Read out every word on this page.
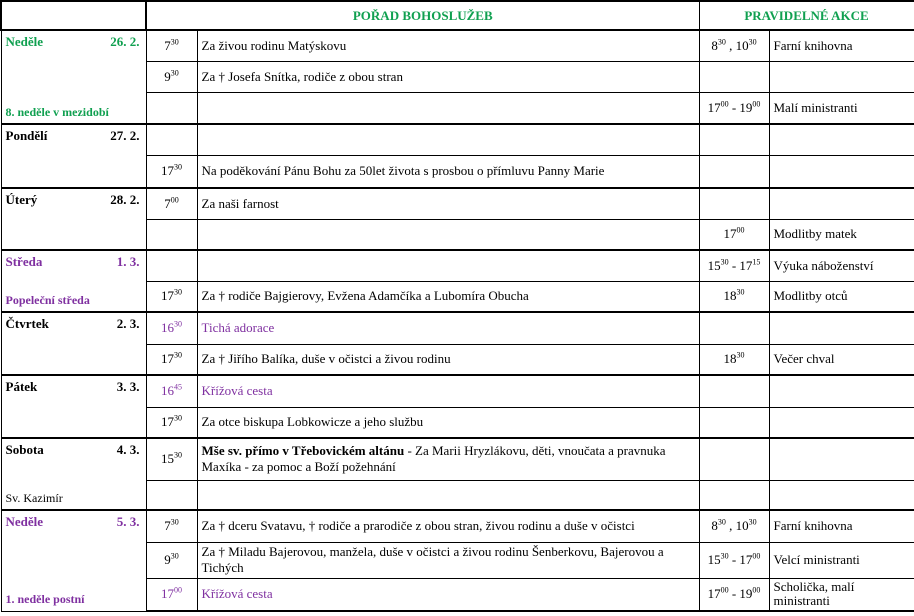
	POŘAD BOHOSLUŽEB		PRAVIDELNÉ AKCE	

Neděle 26. 2.
8. neděle v mezidobí	$7^{30}$	Za živou rodinu Matýskovu	$8^{30}$ , $10^{30}$	Farní knihovna
	$9^{30}$	Za † Josefa Snítka, rodiče z obou stran		
			$17^{00} - 19^{00}$	Malí ministranti

Pondělí 27. 2.				

	$17^{30}$	Na poděkování Pánu Bohu za 50let života s prosbou o přímluvu Panny Marie		

Úterý 28. 2.	$7^{00}$	Za naši farnost		
			$17^{00}$	Modlitby matek

Středa 1. 3.
Popeleční středa			$15^{30} - 17^{15}$	Výuka náboženství
	$17^{30}$	Za † rodiče Bajgierovy, Evžena Adamčíka a Lubomíra Obucha	$18^{30}$	Modlitby otců

Čtvrtek 2. 3.	$16^{30}$	Tichá adorace		
	$17^{30}$	Za † Jiřího Balíka, duše v očistci a živou rodinu	$18^{30}$	Večer chval

Pátek 3. 3.	$16^{45}$	Křížová cesta		
	$17^{30}$	Za otce biskupa Lobkowicze a jeho službu		

Sobota 4. 3.
Sv. Kazimír	$15^{30}$	Mše sv. přímo v Třebovickém altánu - Za Marii Hryzlákovu, děti, vnoučata a pravnuka Maxíka - za pomoc a Boží požehnání		

Neděle 5. 3.
1. neděle postní	$7^{30}$	Za † dceru Svatavu, † rodiče a prarodiče z obou stran, živou rodinu a duše v očistci	$8^{30}$ , $10^{30}$	Farní knihovna
	$9^{30}$	Za † Miladu Bajerovou, manžela, duše v očistci a živou rodinu Šenberkovu, Bajerovou a Tichých	$15^{30} - 17^{00}$	Velcí ministranti
	$17^{00}$	Křížová cesta	$17^{00} - 19^{00}$	Scholička, malí ministranti
